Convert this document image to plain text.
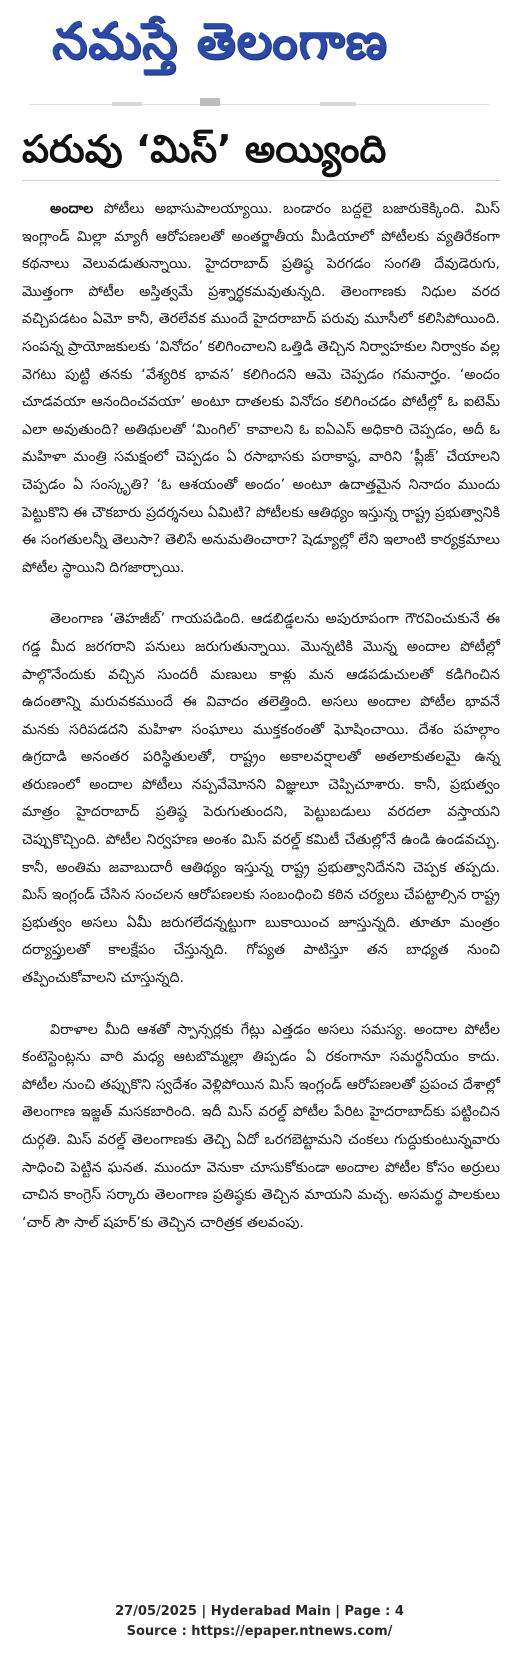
నమస్తే తెలంగాణ
పరువు ‘మిస్’ అయ్యింది

అందాల పోటీలు అభాసుపాలయ్యాయి. బండారం బద్దలై బజారుకెక్కింది. మిస్ ఇంగ్లాండ్ మిల్లా మ్యాగీ ఆరోపణలతో అంతర్జాతీయ మీడియాలో పోటీలకు వ్యతిరేకంగా కథనాలు వెలువడుతున్నాయి. హైదరాబాద్ ప్రతిష్ఠ పెరగడం సంగతి దేవుడెరుగు, మొత్తంగా పోటీల అస్తిత్వమే ప్రశ్నార్థకమవుతున్నది. తెలంగాణకు నిధుల వరద వచ్చిపడటం ఏమో కానీ, తెరలేవక ముందే హైదరాబాద్ పరువు మూసీలో కలిసిపోయింది. సంపన్న ప్రాయోజకులకు ‘వినోదం’ కలిగించాలని ఒత్తిడి తెచ్చిన నిర్వాహకుల నిర్వాకం వల్ల వెగటు పుట్టి తనకు ‘వేశ్యరిక భావన’ కలిగిందని ఆమె చెప్పడం గమనార్హం. ‘అందం చూడవయా ఆనందించవయా’ అంటూ దాతలకు వినోదం కలిగించడం పోటీల్లో ఓ ఐటెమ్ ఎలా అవుతుంది? అతిథులతో ‘మింగిల్’ కావాలని ఓ ఐఏఎస్ అధికారి చెప్పడం, అదీ ఓ మహిళా మంత్రి సమక్షంలో చెప్పడం ఏ రసాభాసకు పరాకాష్ఠ, వారిని ‘ప్లీజ్’ చేయాలని చెప్పడం ఏ సంస్కృతి? ‘ఓ ఆశయంతో అందం’ అంటూ ఉదాత్తమైన నినాదం ముందు పెట్టుకొని ఈ చౌకబారు ప్రదర్శనలు ఏమిటి? పోటీలకు ఆతిథ్యం ఇస్తున్న రాష్ట్ర ప్రభుత్వానికి ఈ సంగతులన్నీ తెలుసా? తెలిసే అనుమతించారా? షెడ్యూల్లో లేని ఇలాంటి కార్యక్రమాలు పోటీల స్థాయిని దిగజార్చాయి.

తెలంగాణ ‘తెహజీబ్’ గాయపడింది. ఆడబిడ్డలను అపురూపంగా గౌరవించుకునే ఈ గడ్డ మీద జరగరాని పనులు జరుగుతున్నాయి. మొన్నటికి మొన్న అందాల పోటీల్లో పాల్గొనేందుకు వచ్చిన సుందరీ మణులు కాళ్లు మన ఆడపడుచులతో కడిగించిన ఉదంతాన్ని మరువకముందే ఈ వివాదం తలెత్తింది. అసలు అందాల పోటీల భావనే మనకు సరిపడదని మహిళా సంఘాలు ముక్తకంఠంతో ఘోషించాయి. దేశం పహల్గాం ఉగ్రదాడి అనంతర పరిస్థితులతో, రాష్ట్రం అకాలవర్షాలతో అతలాకుతలమై ఉన్న తరుణంలో అందాల పోటీలు నప్పవేమోనని విజ్ఞులూ చెప్పిచూశారు. కానీ, ప్రభుత్వం మాత్రం హైదరాబాద్ ప్రతిష్ఠ పెరుగుతుందని, పెట్టుబడులు వరదలా వస్తాయని చెప్పుకొచ్చింది. పోటీల నిర్వహణ అంశం మిస్ వరల్డ్ కమిటీ చేతుల్లోనే ఉండి ఉండవచ్చు. కానీ, అంతిమ జవాబుదారీ ఆతిథ్యం ఇస్తున్న రాష్ట్ర ప్రభుత్వానిదేనని చెప్పక తప్పదు. మిస్ ఇంగ్లండ్ చేసిన సంచలన ఆరోపణలకు సంబంధించి కఠిన చర్యలు చేపట్టాల్సిన రాష్ట్ర ప్రభుత్వం అసలు ఏమీ జరుగలేదన్నట్టుగా బుకాయించ జూస్తున్నది. తూతూ మంత్రం దర్యాప్తులతో కాలక్షేపం చేస్తున్నది. గోప్యత పాటిస్తూ తన బాధ్యత నుంచి తప్పించుకోవాలని చూస్తున్నది.

విరాళాల మీది ఆశతో స్పాన్సర్లకు గేట్లు ఎత్తడం అసలు సమస్య. అందాల పోటీల కంటెస్టెంట్లను వారి మధ్య ఆటబొమ్మల్లా తిప్పడం ఏ రకంగానూ సమర్థనీయం కాదు. పోటీల నుంచి తప్పుకొని స్వదేశం వెళ్లిపోయిన మిస్ ఇంగ్లండ్ ఆరోపణలతో ప్రపంచ దేశాల్లో తెలంగాణ ఇజ్జత్ మసకబారింది. ఇదీ మిస్ వరల్డ్ పోటీల పేరిట హైదరాబాద్‌కు పట్టించిన దుర్గతి. మిస్ వరల్డ్ తెలంగాణకు తెచ్చి ఏదో ఒరగబెట్టామని చంకలు గుద్దుకుంటున్నవారు సాధించి పెట్టిన ఘనత. ముందూ వెనుకా చూసుకోకుండా అందాల పోటీల కోసం అర్రులు చాచిన కాంగ్రెస్ సర్కారు తెలంగాణ ప్రతిష్ఠకు తెచ్చిన మాయని మచ్చ. అసమర్థ పాలకులు ‘చార్ సౌ సాల్ షహర్’కు తెచ్చిన చారిత్రక తలవంపు.

27/05/2025 | Hyderabad Main | Page : 4
Source : https://epaper.ntnews.com/
